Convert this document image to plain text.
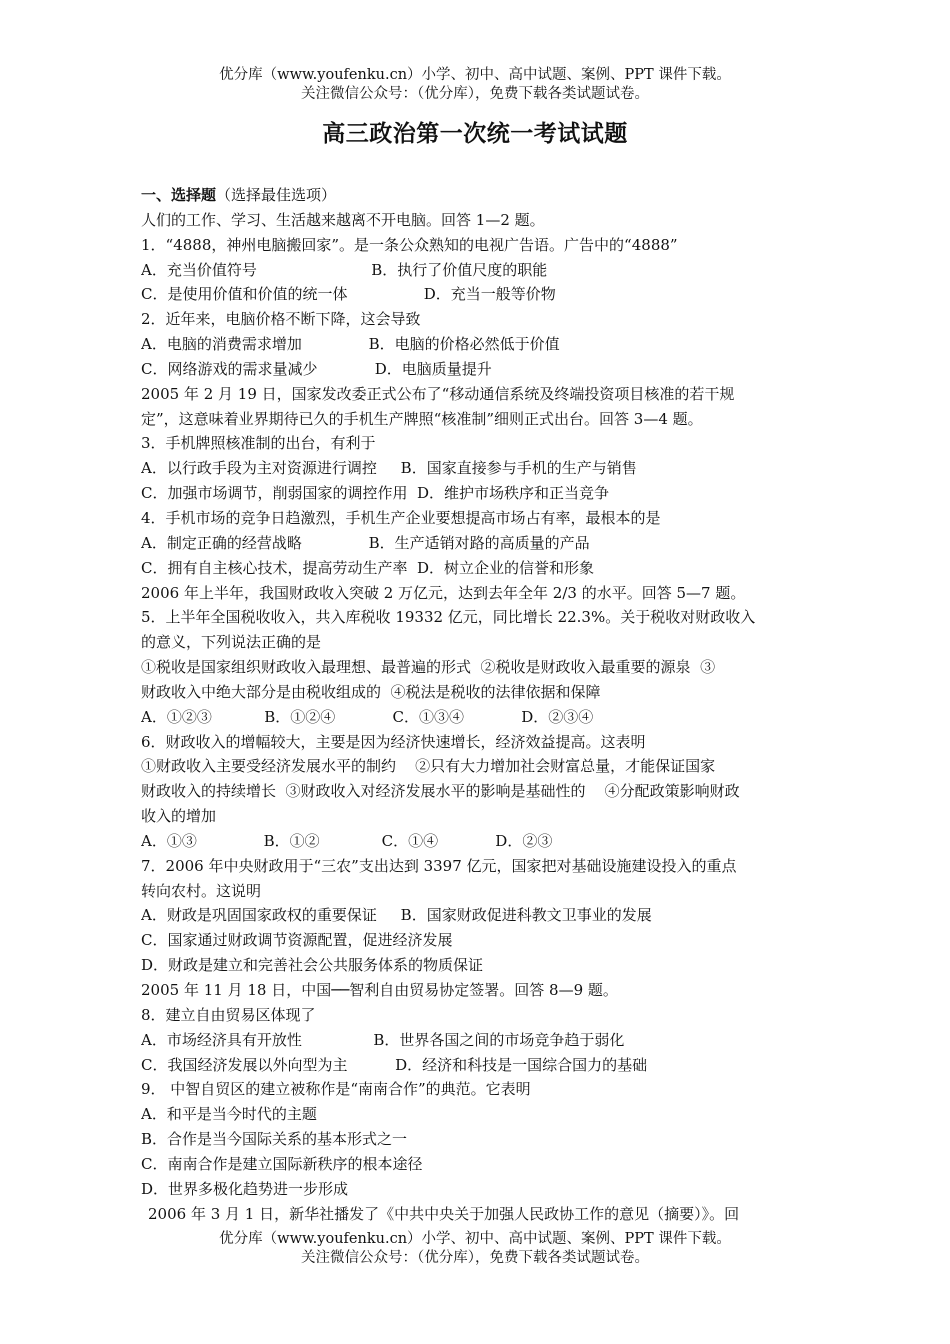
优分库（www.youfenku.cn）小学、初中、高中试题、案例、PPT 课件下载。
关注微信公众号：（优分库），免费下载各类试题试卷。
高三政治第一次统一考试试题
一、选择题（选择最佳选项）
人们的工作、学习、生活越来越离不开电脑。回答 1—2 题。
1．“4888，神州电脑搬回家”。是一条公众熟知的电视广告语。广告中的“4888”
A．充当价值符号                        B．执行了价值尺度的职能
C．是使用价值和价值的统一体                D．充当一般等价物
2．近年来，电脑价格不断下降，这会导致
A．电脑的消费需求增加              B．电脑的价格必然低于价值
C．网络游戏的需求量减少            D．电脑质量提升
2005 年 2 月 19 日，国家发改委正式公布了“移动通信系统及终端投资项目核准的若干规
定”，这意味着业界期待已久的手机生产牌照“核准制”细则正式出台。回答 3—4 题。
3．手机牌照核准制的出台，有利于
A．以行政手段为主对资源进行调控     B．国家直接参与手机的生产与销售
C．加强市场调节，削弱国家的调控作用  D．维护市场秩序和正当竞争
4．手机市场的竞争日趋激烈，手机生产企业要想提高市场占有率，最根本的是
A．制定正确的经营战略              B．生产适销对路的高质量的产品
C．拥有自主核心技术，提高劳动生产率  D．树立企业的信誉和形象
2006 年上半年，我国财政收入突破 2 万亿元，达到去年全年 2/3 的水平。回答 5—7 题。
5．上半年全国税收收入，共入库税收 19332 亿元，同比增长 22.3%。关于税收对财政收入
的意义，下列说法正确的是
①税收是国家组织财政收入最理想、最普遍的形式  ②税收是财政收入最重要的源泉  ③
财政收入中绝大部分是由税收组成的  ④税法是税收的法律依据和保障
A．①②③           B．①②④            C．①③④            D．②③④
6．财政收入的增幅较大，主要是因为经济快速增长，经济效益提高。这表明
①财政收入主要受经济发展水平的制约    ②只有大力增加社会财富总量，才能保证国家
财政收入的持续增长  ③财政收入对经济发展水平的影响是基础性的    ④分配政策影响财政
收入的增加
A．①③              B．①②             C．①④            D．②③
7．2006 年中央财政用于“三农”支出达到 3397 亿元，国家把对基础设施建设投入的重点
转向农村。这说明
A．财政是巩固国家政权的重要保证     B．国家财政促进科教文卫事业的发展
C．国家通过财政调节资源配置，促进经济发展
D．财政是建立和完善社会公共服务体系的物质保证
2005 年 11 月 18 日，中国──智利自由贸易协定签署。回答 8—9 题。
8．建立自由贸易区体现了
A．市场经济具有开放性               B．世界各国之间的市场竞争趋于弱化
C．我国经济发展以外向型为主          D．经济和科技是一国综合国力的基础
9． 中智自贸区的建立被称作是“南南合作”的典范。它表明
A．和平是当今时代的主题
B．合作是当今国际关系的基本形式之一
C．南南合作是建立国际新秩序的根本途径
D．世界多极化趋势进一步形成
2006 年 3 月 1 日，新华社播发了《中共中央关于加强人民政协工作的意见（摘要）》。回
优分库（www.youfenku.cn）小学、初中、高中试题、案例、PPT 课件下载。
关注微信公众号：（优分库），免费下载各类试题试卷。
